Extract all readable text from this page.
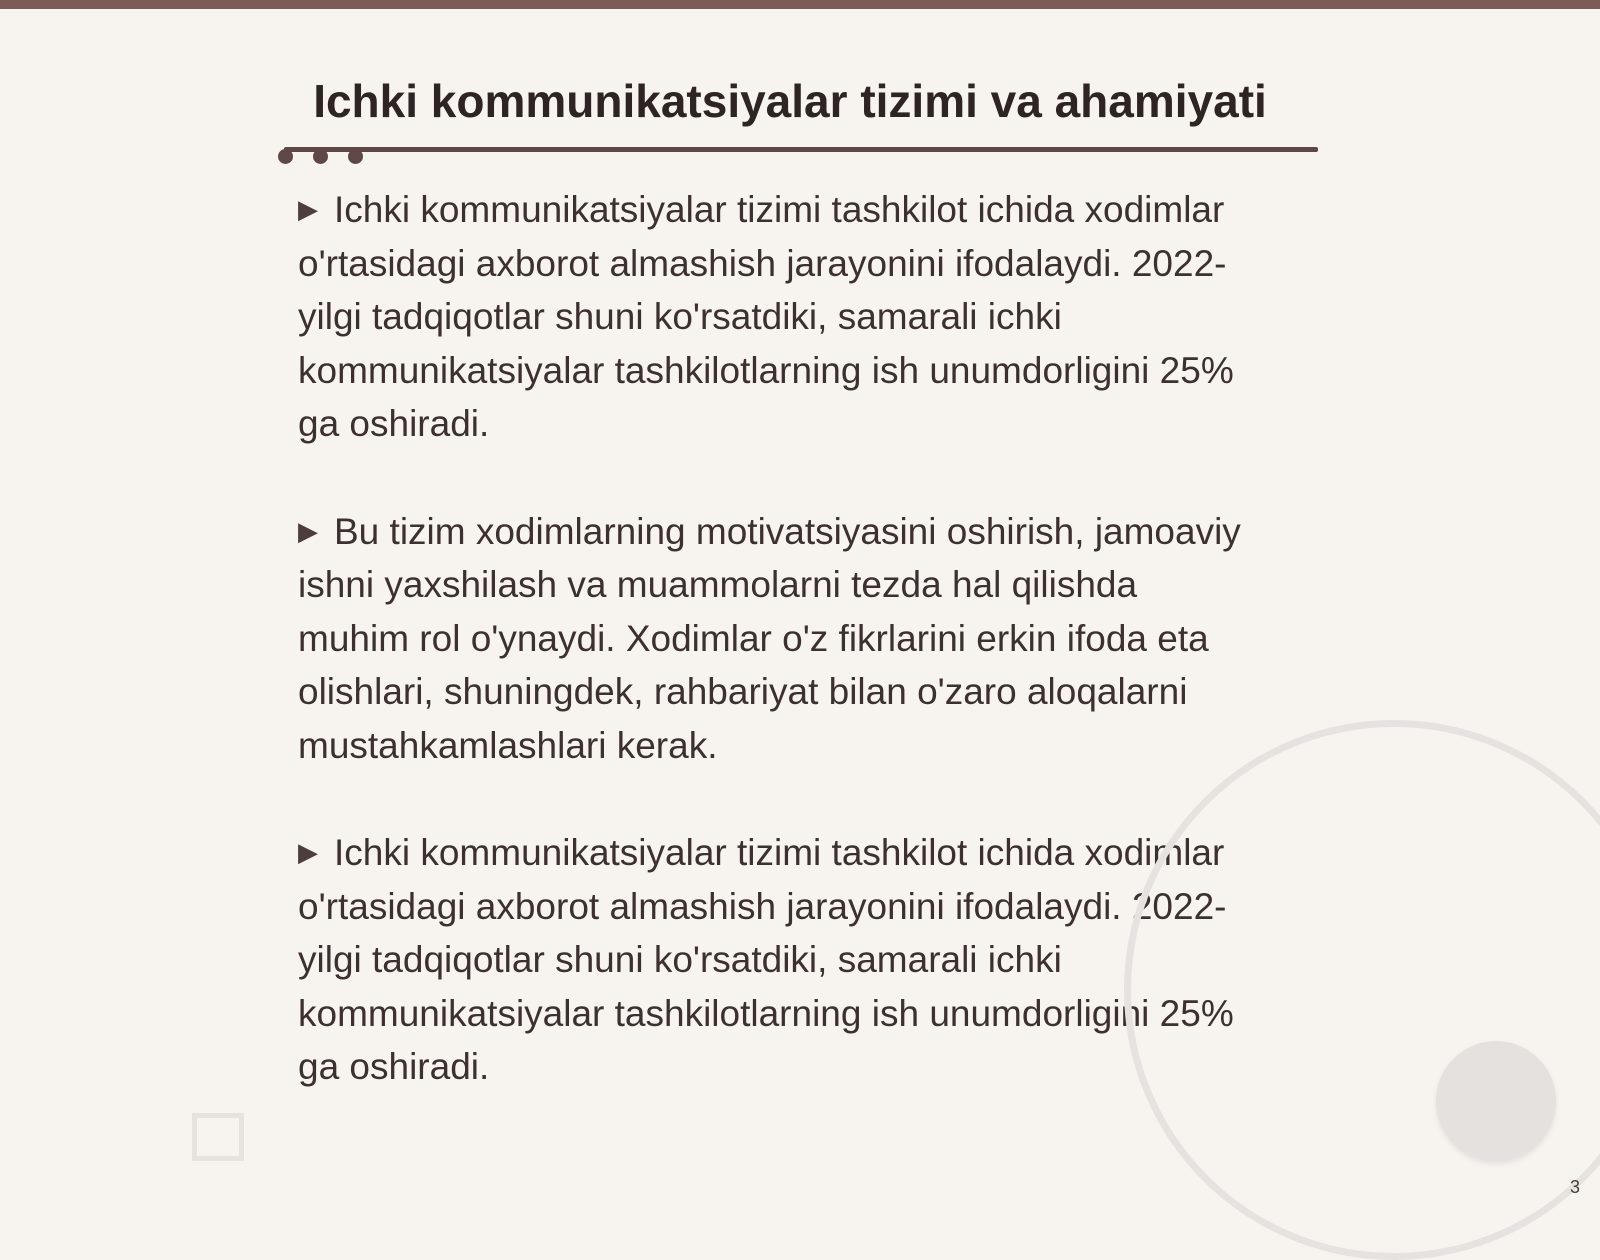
Ichki kommunikatsiyalar tizimi va ahamiyati

▶ Ichki kommunikatsiyalar tizimi tashkilot ichida xodimlar o'rtasidagi axborot almashish jarayonini ifodalaydi. 2022-yilgi tadqiqotlar shuni ko'rsatdiki, samarali ichki kommunikatsiyalar tashkilotlarning ish unumdorligini 25% ga oshiradi.

▶ Bu tizim xodimlarning motivatsiyasini oshirish, jamoaviy ishni yaxshilash va muammolarni tezda hal qilishda muhim rol o'ynaydi. Xodimlar o'z fikrlarini erkin ifoda eta olishlari, shuningdek, rahbariyat bilan o'zaro aloqalarni mustahkamlashlari kerak.

▶ Ichki kommunikatsiyalar tizimi tashkilot ichida xodimlar o'rtasidagi axborot almashish jarayonini ifodalaydi. 2022-yilgi tadqiqotlar shuni ko'rsatdiki, samarali ichki kommunikatsiyalar tashkilotlarning ish unumdorligini 25% ga oshiradi.

3
